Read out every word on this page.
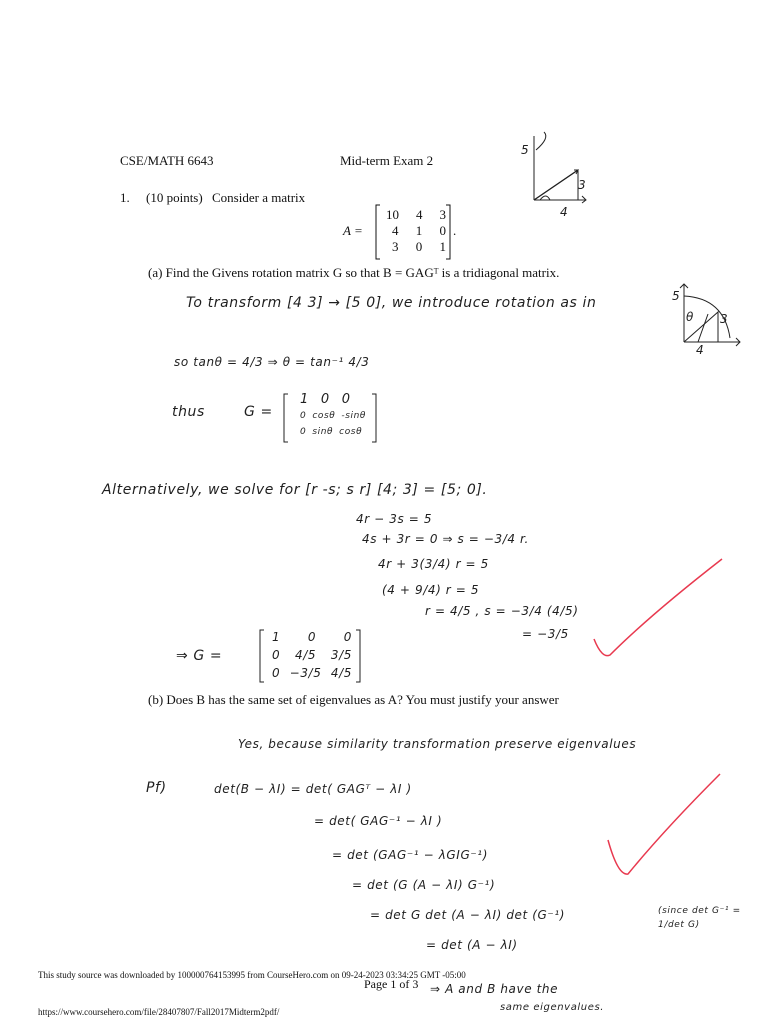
CSE/MATH 6643	Mid-term Exam 2
5
3
4
1. (10 points) Consider a matrix
A =
10 4 3
4 1 0
3 0 1
.
(a) Find the Givens rotation matrix G so that B = GAGᵀ is a tridiagonal matrix.
To transform [4 3] → [5 0], we introduce rotation as in	5
θ 3
4
so tanθ = 4/3 ⇒ θ = tan⁻¹ 4/3
thus	G =
1 0 0
0 cosθ -sinθ
0 sinθ cosθ
Alternatively, we solve for [r -s; s r] [4; 3] = [5; 0].
4r − 3s = 5
4s + 3r = 0 ⇒ s = −3/4 r.
4r + 3(3/4) r = 5
(4 + 9/4) r = 5
r = 4/5 , s = −3/4 (4/5)
= −3/5
⇒ G =
1 0 0
0 4/5 3/5
0 −3/5 4/5
(b) Does B has the same set of eigenvalues as A? You must justify your answer
Yes, because similarity transformation preserve eigenvalues
Pf)	det(B − λI) = det( GAGᵀ − λI )
= det( GAG⁻¹ − λI )
= det (GAG⁻¹ − λGIG⁻¹)
= det (G (A − λI) G⁻¹)
= det G det (A − λI) det (G⁻¹)	(since det G⁻¹ = 1/det G)
= det (A − λI)
⇒ A and B have the
same eigenvalues.
This study source was downloaded by 100000764153995 from CourseHero.com on 09-24-2023 03:34:25 GMT -05:00
Page 1 of 3
https://www.coursehero.com/file/28407807/Fall2017Midterm2pdf/
